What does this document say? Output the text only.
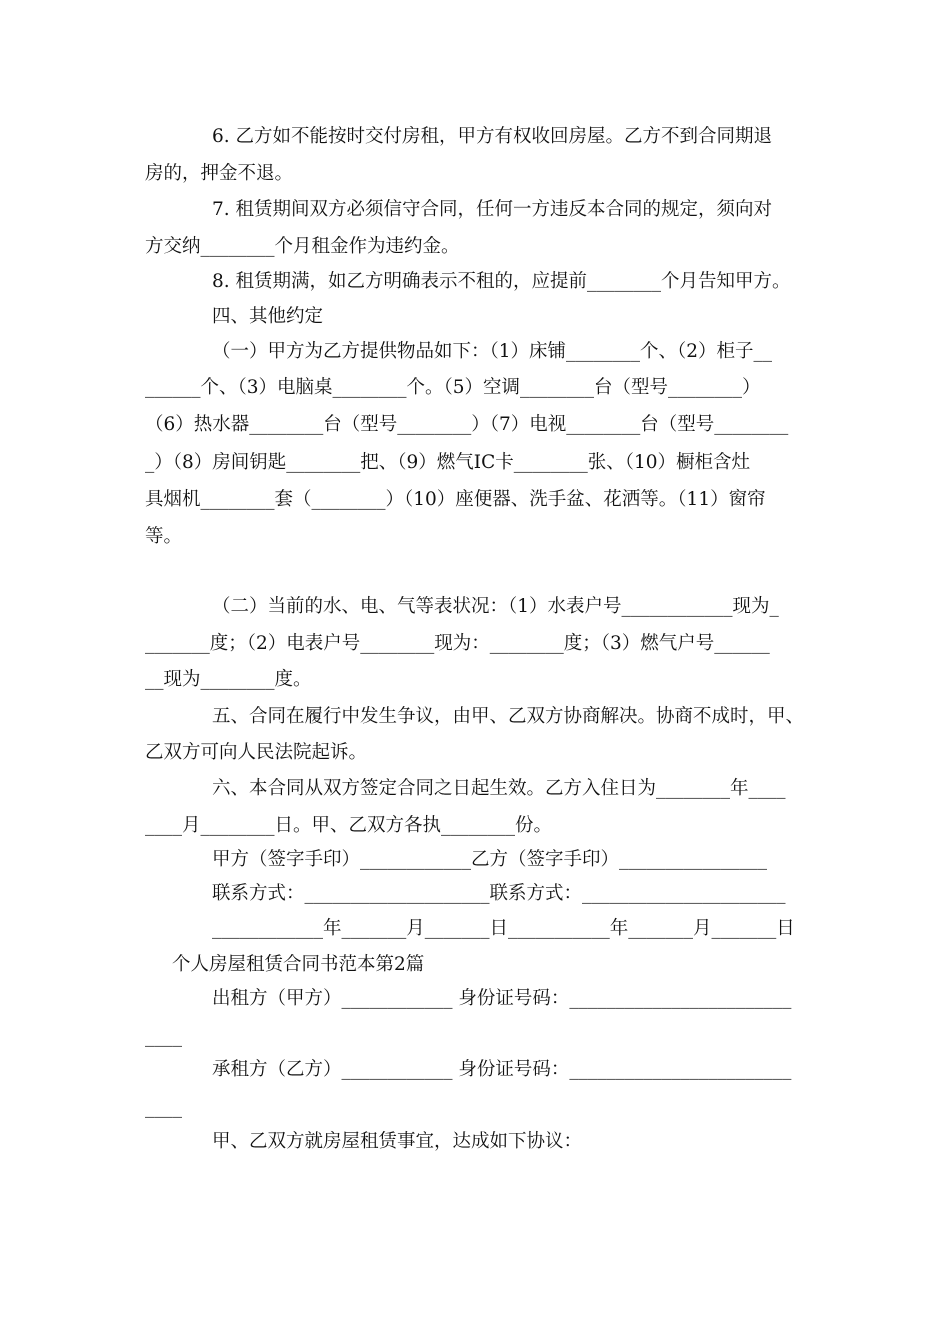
6. 乙方如不能按时交付房租，甲方有权收回房屋。乙方不到合同期退
房的，押金不退。
7. 租赁期间双方必须信守合同，任何一方违反本合同的规定，须向对
方交纳________个月租金作为违约金。
8. 租赁期满，如乙方明确表示不租的，应提前________个月告知甲方。
四、其他约定
（一）甲方为乙方提供物品如下：（1）床铺________个、（2）柜子__
______个、（3）电脑桌________个。（5）空调________台（型号________）
（6）热水器________台（型号________）（7）电视________台（型号________
_）（8）房间钥匙________把、（9）燃气IC卡________张、（10）橱柜含灶
具烟机________套（________）（10）座便器、洗手盆、花洒等。（11）窗帘
等。
（二）当前的水、电、气等表状况：（1）水表户号____________现为_
_______度；（2）电表户号________现为：________度；（3）燃气户号______
__现为________度。
五、合同在履行中发生争议，由甲、乙双方协商解决。协商不成时，甲、
乙双方可向人民法院起诉。
六、本合同从双方签定合同之日起生效。乙方入住日为________年____
____月________日。甲、乙双方各执________份。
甲方（签字手印）____________乙方（签字手印）________________
联系方式：____________________联系方式：______________________
____________年_______月_______日___________年_______月_______日
个人房屋租赁合同书范本第2篇
出租方（甲方）____________ 身份证号码：________________________
____
承租方（乙方）____________ 身份证号码：________________________
____
甲、乙双方就房屋租赁事宜，达成如下协议：
